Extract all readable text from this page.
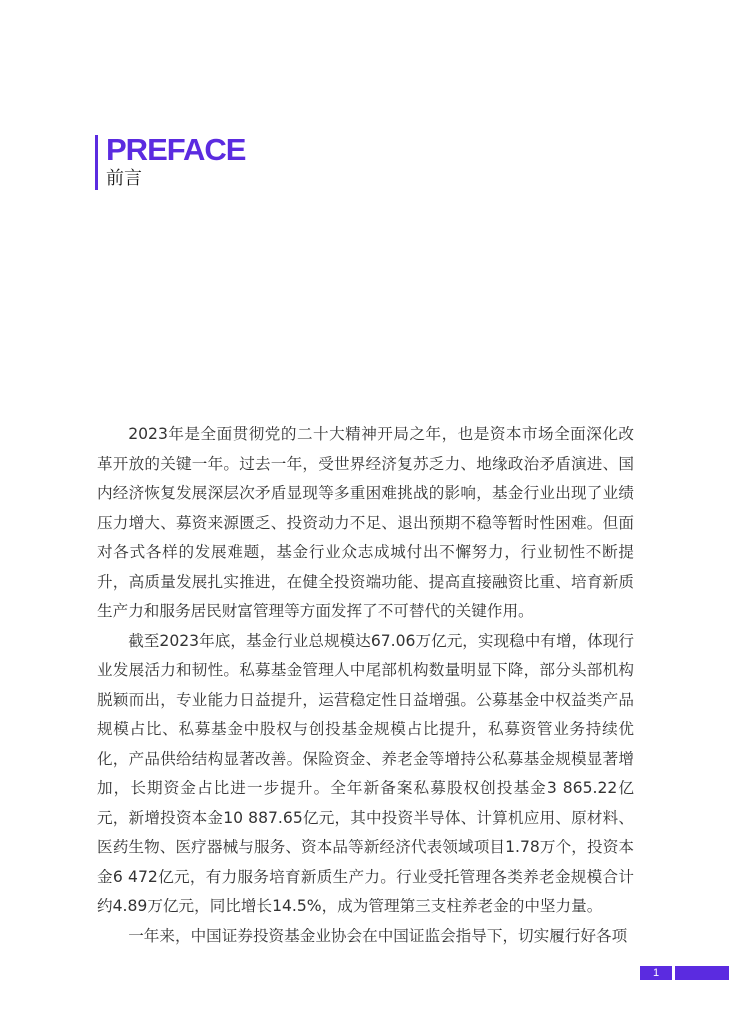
PREFACE
前言

2023年是全面贯彻党的二十大精神开局之年，也是资本市场全面深化改革开放的关键一年。过去一年，受世界经济复苏乏力、地缘政治矛盾演进、国内经济恢复发展深层次矛盾显现等多重困难挑战的影响，基金行业出现了业绩压力增大、募资来源匮乏、投资动力不足、退出预期不稳等暂时性困难。但面对各式各样的发展难题，基金行业众志成城付出不懈努力，行业韧性不断提升，高质量发展扎实推进，在健全投资端功能、提高直接融资比重、培育新质生产力和服务居民财富管理等方面发挥了不可替代的关键作用。

截至2023年底，基金行业总规模达67.06万亿元，实现稳中有增，体现行业发展活力和韧性。私募基金管理人中尾部机构数量明显下降，部分头部机构脱颖而出，专业能力日益提升，运营稳定性日益增强。公募基金中权益类产品规模占比、私募基金中股权与创投基金规模占比提升，私募资管业务持续优化，产品供给结构显著改善。保险资金、养老金等增持公私募基金规模显著增加，长期资金占比进一步提升。全年新备案私募股权创投基金3 865.22亿元，新增投资本金10 887.65亿元，其中投资半导体、计算机应用、原材料、医药生物、医疗器械与服务、资本品等新经济代表领域项目1.78万个，投资本金6 472亿元，有力服务培育新质生产力。行业受托管理各类养老金规模合计约4.89万亿元，同比增长14.5%，成为管理第三支柱养老金的中坚力量。

一年来，中国证券投资基金业协会在中国证监会指导下，切实履行好各项

1
